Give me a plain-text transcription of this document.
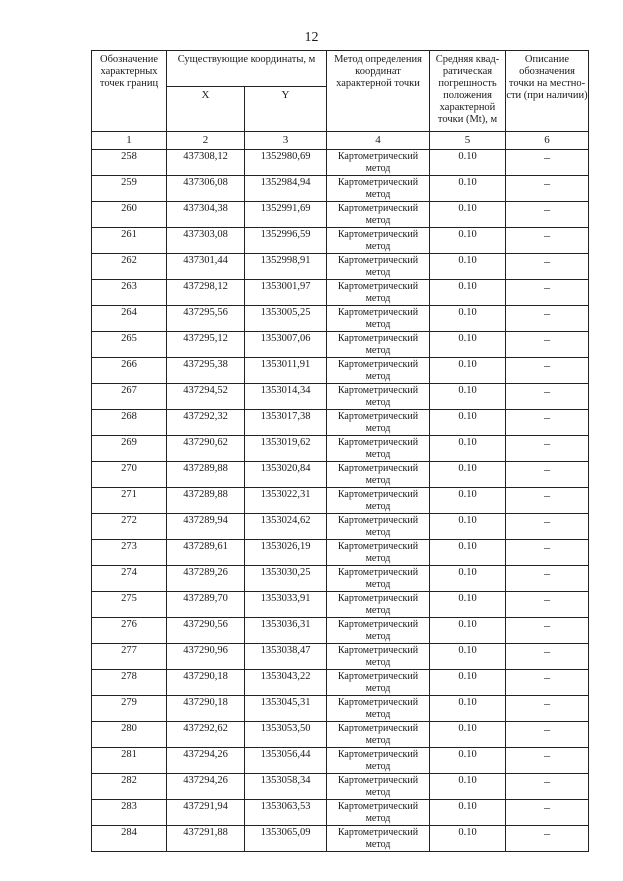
12
Обозначение характерных точек границ	Существующие координаты, м		Метод определения координат характерной точки	Средняя квад-ратическая погрешность положения характерной точки (Mt), м	Описание обозначения точки на местно-сти (при наличии)
	X	Y			
1	2	3	4	5	6
258	437308,12	1352980,69	Картометрический метод	0.10	–
259	437306,08	1352984,94	Картометрический метод	0.10	–
260	437304,38	1352991,69	Картометрический метод	0.10	–
261	437303,08	1352996,59	Картометрический метод	0.10	–
262	437301,44	1352998,91	Картометрический метод	0.10	–
263	437298,12	1353001,97	Картометрический метод	0.10	–
264	437295,56	1353005,25	Картометрический метод	0.10	–
265	437295,12	1353007,06	Картометрический метод	0.10	–
266	437295,38	1353011,91	Картометрический метод	0.10	–
267	437294,52	1353014,34	Картометрический метод	0.10	–
268	437292,32	1353017,38	Картометрический метод	0.10	–
269	437290,62	1353019,62	Картометрический метод	0.10	–
270	437289,88	1353020,84	Картометрический метод	0.10	–
271	437289,88	1353022,31	Картометрический метод	0.10	–
272	437289,94	1353024,62	Картометрический метод	0.10	–
273	437289,61	1353026,19	Картометрический метод	0.10	–
274	437289,26	1353030,25	Картометрический метод	0.10	–
275	437289,70	1353033,91	Картометрический метод	0.10	–
276	437290,56	1353036,31	Картометрический метод	0.10	–
277	437290,96	1353038,47	Картометрический метод	0.10	–
278	437290,18	1353043,22	Картометрический метод	0.10	–
279	437290,18	1353045,31	Картометрический метод	0.10	–
280	437292,62	1353053,50	Картометрический метод	0.10	–
281	437294,26	1353056,44	Картометрический метод	0.10	–
282	437294,26	1353058,34	Картометрический метод	0.10	–
283	437291,94	1353063,53	Картометрический метод	0.10	–
284	437291,88	1353065,09	Картометрический метод	0.10	–
